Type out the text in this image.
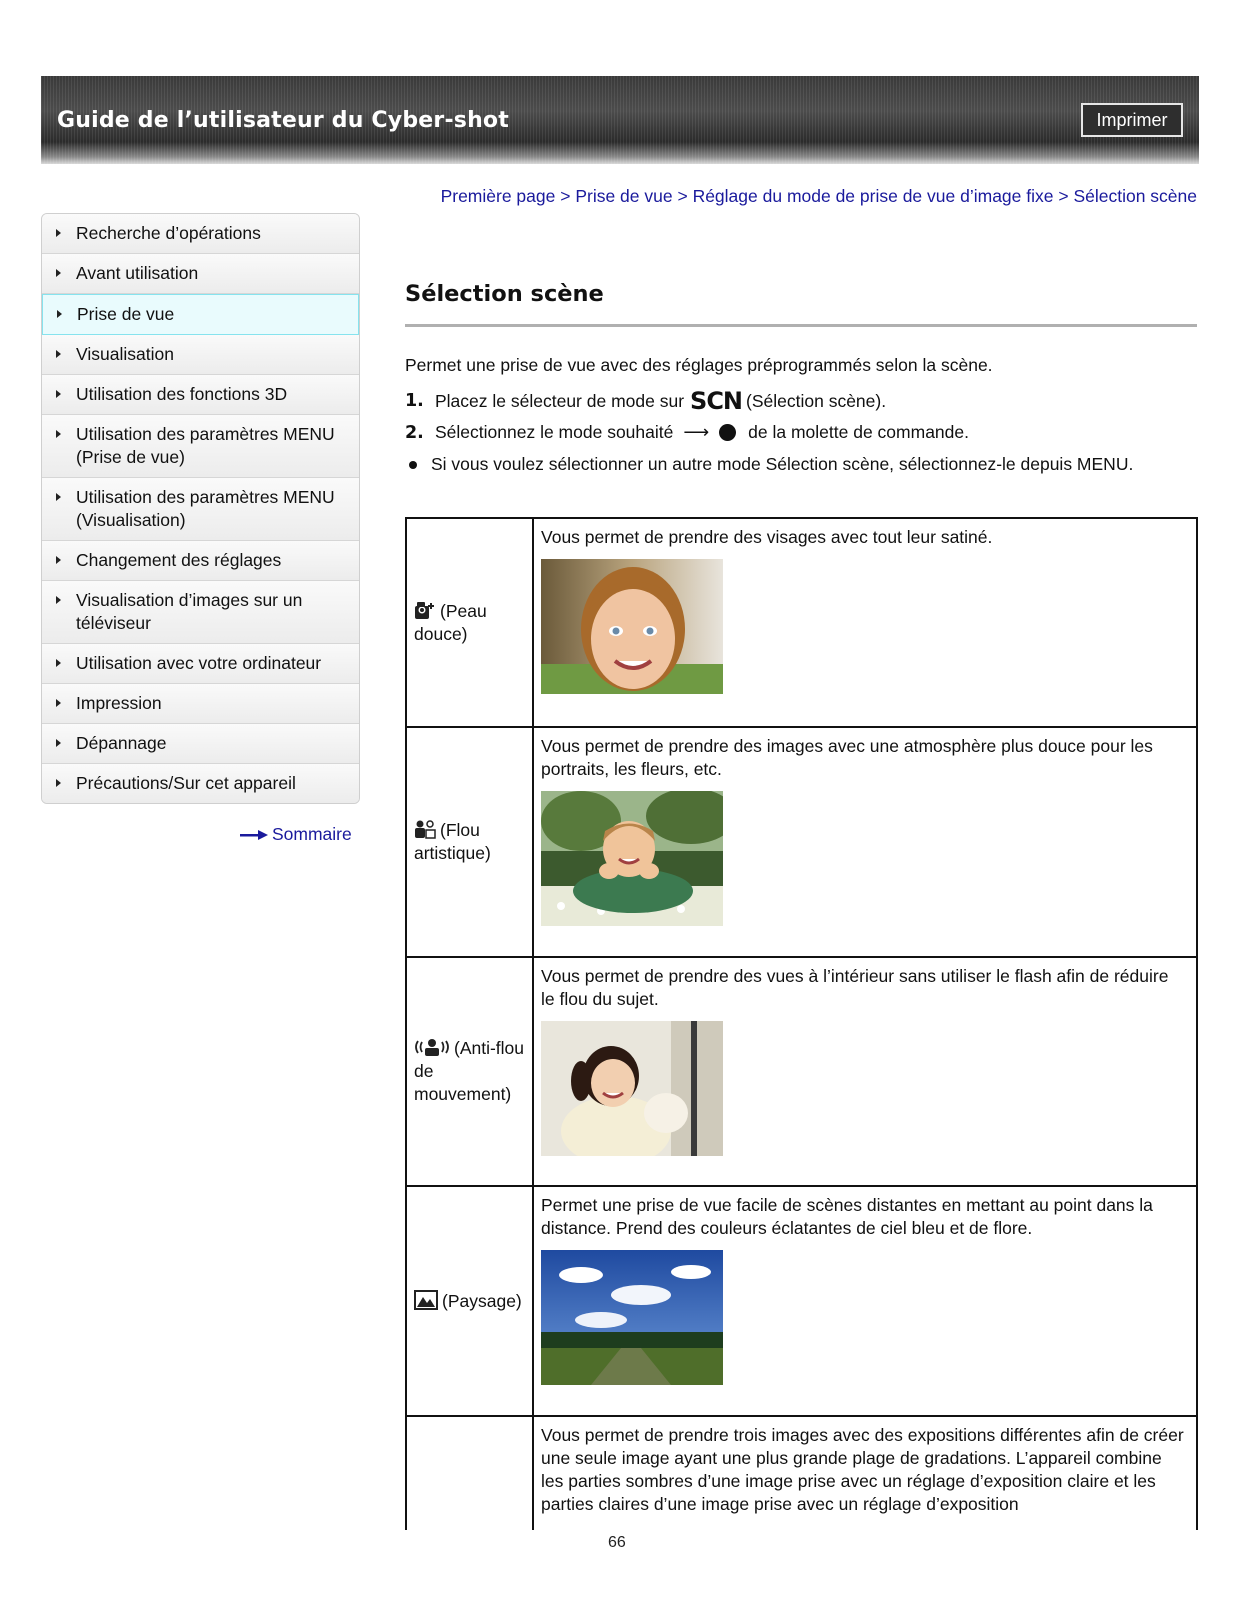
Guide de l’utilisateur du Cyber-shot	Imprimer
Première page > Prise de vue > Réglage du mode de prise de vue d’image fixe > Sélection scène
Recherche d’opérations
Avant utilisation
Prise de vue
Visualisation
Utilisation des fonctions 3D
Utilisation des paramètres MENU (Prise de vue)
Utilisation des paramètres MENU (Visualisation)
Changement des réglages
Visualisation d’images sur un téléviseur
Utilisation avec votre ordinateur
Impression
Dépannage
Précautions/Sur cet appareil
Sommaire
Sélection scène
Permet une prise de vue avec des réglages préprogrammés selon la scène.
1. Placez le sélecteur de mode sur SCN (Sélection scène).
2. Sélectionnez le mode souhaité ⟶ de la molette de commande.
Si vous voulez sélectionner un autre mode Sélection scène, sélectionnez-le depuis MENU.
(Peau douce)	Vous permet de prendre des visages avec tout leur satiné.

(Flou artistique)	Vous permet de prendre des images avec une atmosphère plus douce pour les portraits, les fleurs, etc.

(Anti-flou de mouvement)	Vous permet de prendre des vues à l’intérieur sans utiliser le flash afin de réduire le flou du sujet.

(Paysage)	Permet une prise de vue facile de scènes distantes en mettant au point dans la distance. Prend des couleurs éclatantes de ciel bleu et de flore.

	Vous permet de prendre trois images avec des expositions différentes afin de créer une seule image ayant une plus grande plage de gradations. L’appareil combine les parties sombres d’une image prise avec un réglage d’exposition claire et les parties claires d’une image prise avec un réglage d’exposition
66
